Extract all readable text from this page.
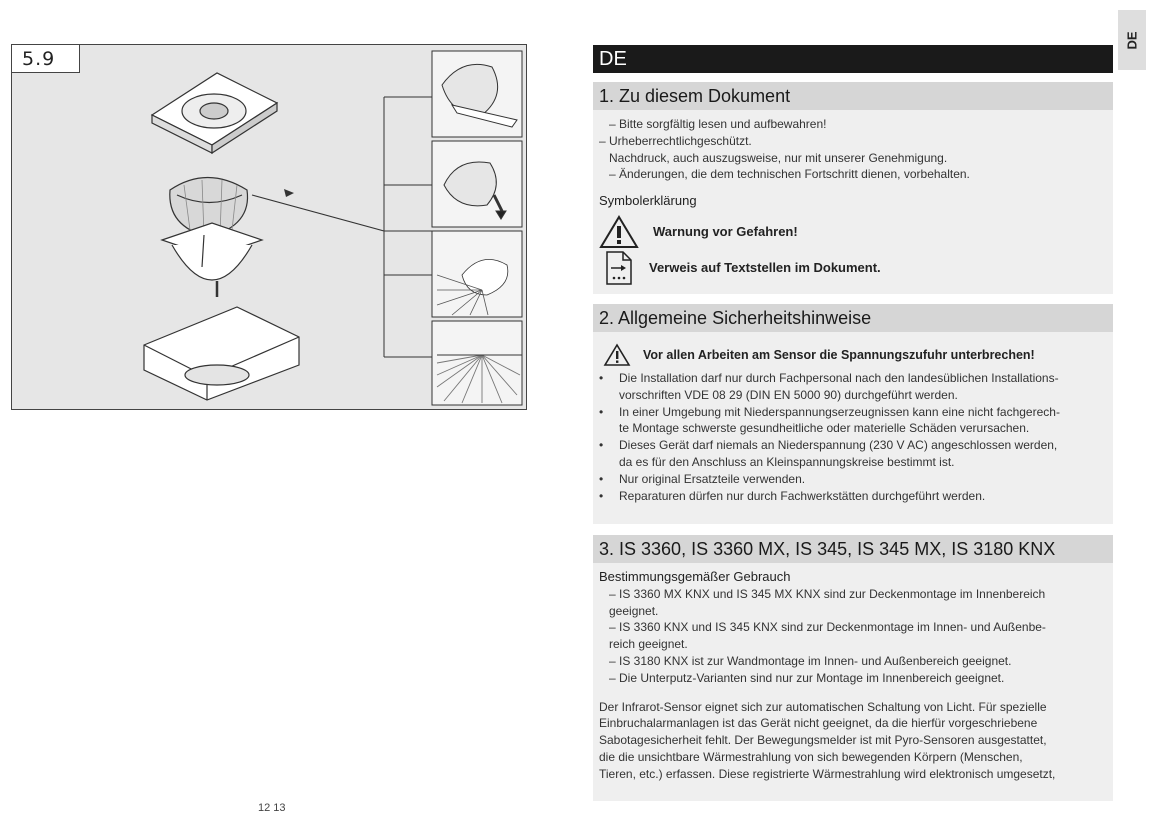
5.9
12 13
DE
DE
1. Zu diesem Dokument
– Bitte sorgfältig lesen und aufbewahren!
– Urheberrechtlichgeschützt.
Nachdruck, auch auszugsweise, nur mit unserer Genehmigung.
– Änderungen, die dem technischen Fortschritt dienen, vorbehalten.
Symbolerklärung
Warnung vor Gefahren!
Verweis auf Textstellen im Dokument.
2. Allgemeine Sicherheitshinweise
Vor allen Arbeiten am Sensor die Spannungszufuhr unterbrechen!
• Die Installation darf nur durch Fachpersonal nach den landesüblichen Installations-
vorschriften VDE 08 29 (DIN EN 5000 90) durchgeführt werden.
• In einer Umgebung mit Niederspannungserzeugnissen kann eine nicht fachgerech-
te Montage schwerste gesundheitliche oder materielle Schäden verursachen.
• Dieses Gerät darf niemals an Niederspannung (230 V AC) angeschlossen werden,
da es für den Anschluss an Kleinspannungskreise bestimmt ist.
• Nur original Ersatzteile verwenden.
• Reparaturen dürfen nur durch Fachwerkstätten durchgeführt werden.
3. IS 3360, IS 3360 MX, IS 345, IS 345 MX, IS 3180 KNX
Bestimmungsgemäßer Gebrauch
– IS 3360 MX KNX und IS 345 MX KNX sind zur Deckenmontage im Innenbereich
geeignet.
– IS 3360 KNX und IS 345 KNX sind zur Deckenmontage im Innen- und Außenbe-
reich geeignet.
– IS 3180 KNX ist zur Wandmontage im Innen- und Außenbereich geeignet.
– Die Unterputz-Varianten sind nur zur Montage im Innenbereich geeignet.
Der Infrarot-Sensor eignet sich zur automatischen Schaltung von Licht. Für spezielle
Einbruchalarmanlagen ist das Gerät nicht geeignet, da die hierfür vorgeschriebene
Sabotagesicherheit fehlt. Der Bewegungsmelder ist mit Pyro-Sensoren ausgestattet,
die die unsichtbare Wärmestrahlung von sich bewegenden Körpern (Menschen,
Tieren, etc.) erfassen. Diese registrierte Wärmestrahlung wird elektronisch umgesetzt,
